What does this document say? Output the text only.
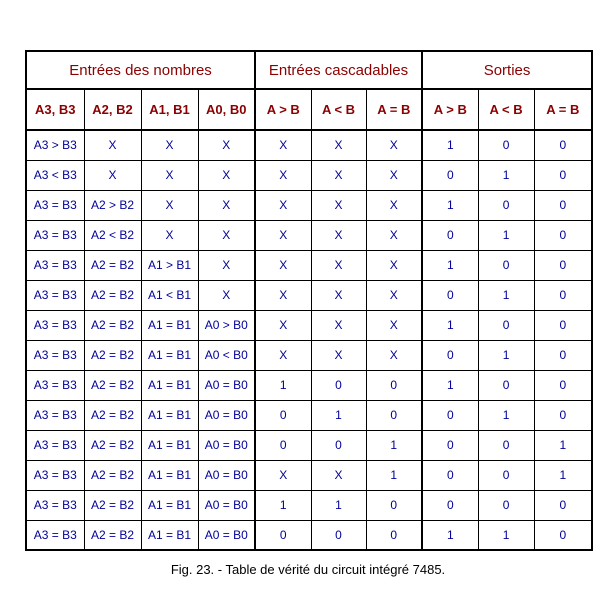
Entrées des nombres				Entrées cascadables			Sorties		
A3, B3	A2, B2	A1, B1	A0, B0	A > B	A < B	A = B	A > B	A < B	A = B
A3 > B3	X	X	X	X	X	X	1	0	0
A3 < B3	X	X	X	X	X	X	0	1	0
A3 = B3	A2 > B2	X	X	X	X	X	1	0	0
A3 = B3	A2 < B2	X	X	X	X	X	0	1	0
A3 = B3	A2 = B2	A1 > B1	X	X	X	X	1	0	0
A3 = B3	A2 = B2	A1 < B1	X	X	X	X	0	1	0
A3 = B3	A2 = B2	A1 = B1	A0 > B0	X	X	X	1	0	0
A3 = B3	A2 = B2	A1 = B1	A0 < B0	X	X	X	0	1	0
A3 = B3	A2 = B2	A1 = B1	A0 = B0	1	0	0	1	0	0
A3 = B3	A2 = B2	A1 = B1	A0 = B0	0	1	0	0	1	0
A3 = B3	A2 = B2	A1 = B1	A0 = B0	0	0	1	0	0	1
A3 = B3	A2 = B2	A1 = B1	A0 = B0	X	X	1	0	0	1
A3 = B3	A2 = B2	A1 = B1	A0 = B0	1	1	0	0	0	0
A3 = B3	A2 = B2	A1 = B1	A0 = B0	0	0	0	1	1	0
Fig. 23. - Table de vérité du circuit intégré 7485.
